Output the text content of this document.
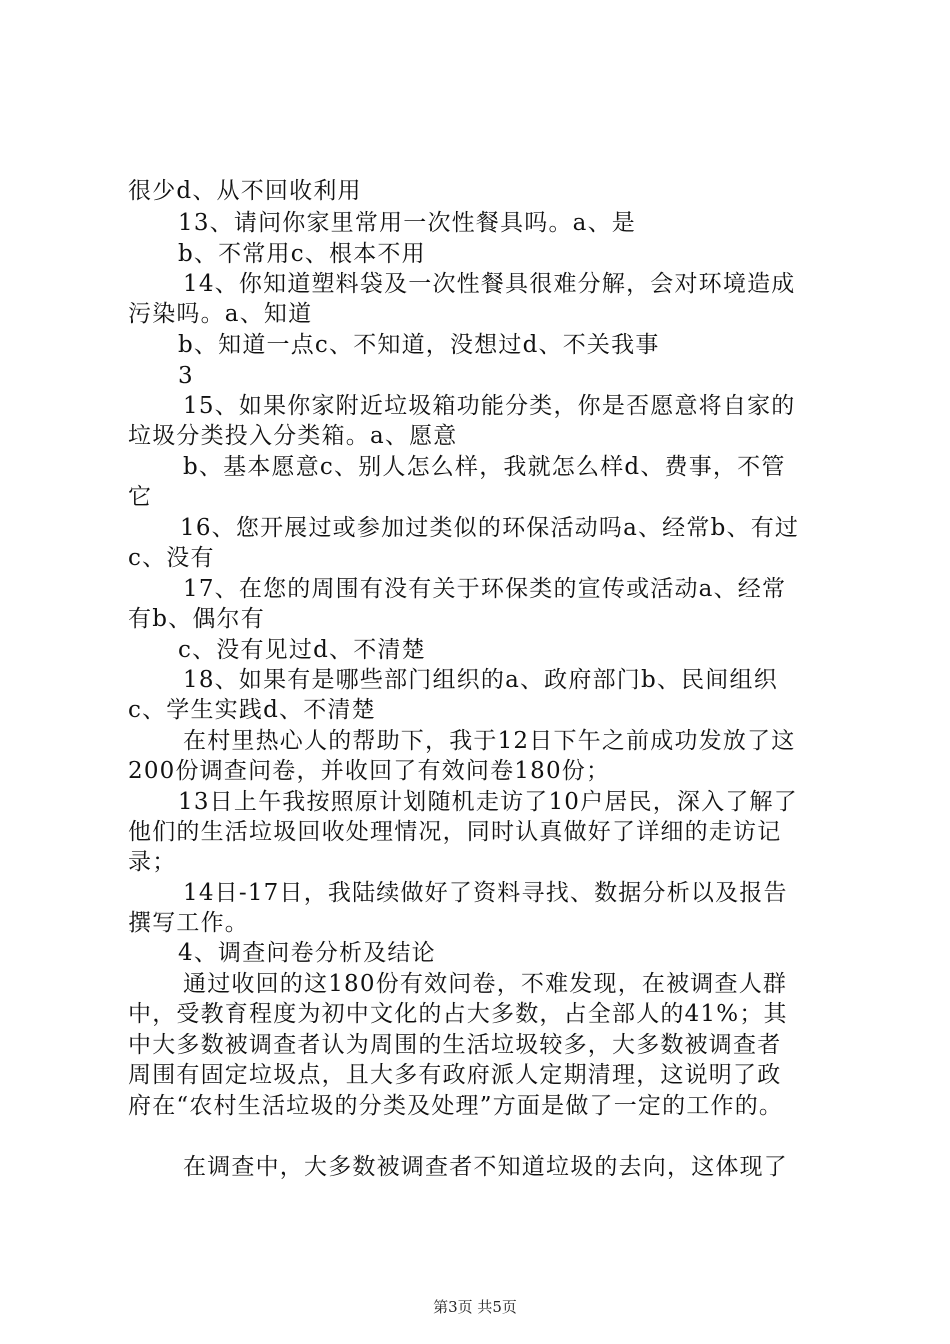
很少d、从不回收利用
13、请问你家里常用一次性餐具吗。a、是
b、不常用c、根本不用
14、你知道塑料袋及一次性餐具很难分解，会对环境造成
污染吗。a、知道
b、知道一点c、不知道，没想过d、不关我事
3
15、如果你家附近垃圾箱功能分类，你是否愿意将自家的
垃圾分类投入分类箱。a、愿意
b、基本愿意c、别人怎么样，我就怎么样d、费事，不管
它
16、您开展过或参加过类似的环保活动吗a、经常b、有过
c、没有
17、在您的周围有没有关于环保类的宣传或活动a、经常
有b、偶尔有
c、没有见过d、不清楚
18、如果有是哪些部门组织的a、政府部门b、民间组织
c、学生实践d、不清楚
在村里热心人的帮助下，我于12日下午之前成功发放了这
200份调查问卷，并收回了有效问卷180份；
13日上午我按照原计划随机走访了10户居民，深入了解了
他们的生活垃圾回收处理情况，同时认真做好了详细的走访记
录；
14日-17日，我陆续做好了资料寻找、数据分析以及报告
撰写工作。
4、调查问卷分析及结论
通过收回的这180份有效问卷，不难发现，在被调查人群
中，受教育程度为初中文化的占大多数，占全部人的41%；其
中大多数被调查者认为周围的生活垃圾较多，大多数被调查者
周围有固定垃圾点，且大多有政府派人定期清理，这说明了政
府在“农村生活垃圾的分类及处理”方面是做了一定的工作的。
在调查中，大多数被调查者不知道垃圾的去向，这体现了
第3页 共5页
